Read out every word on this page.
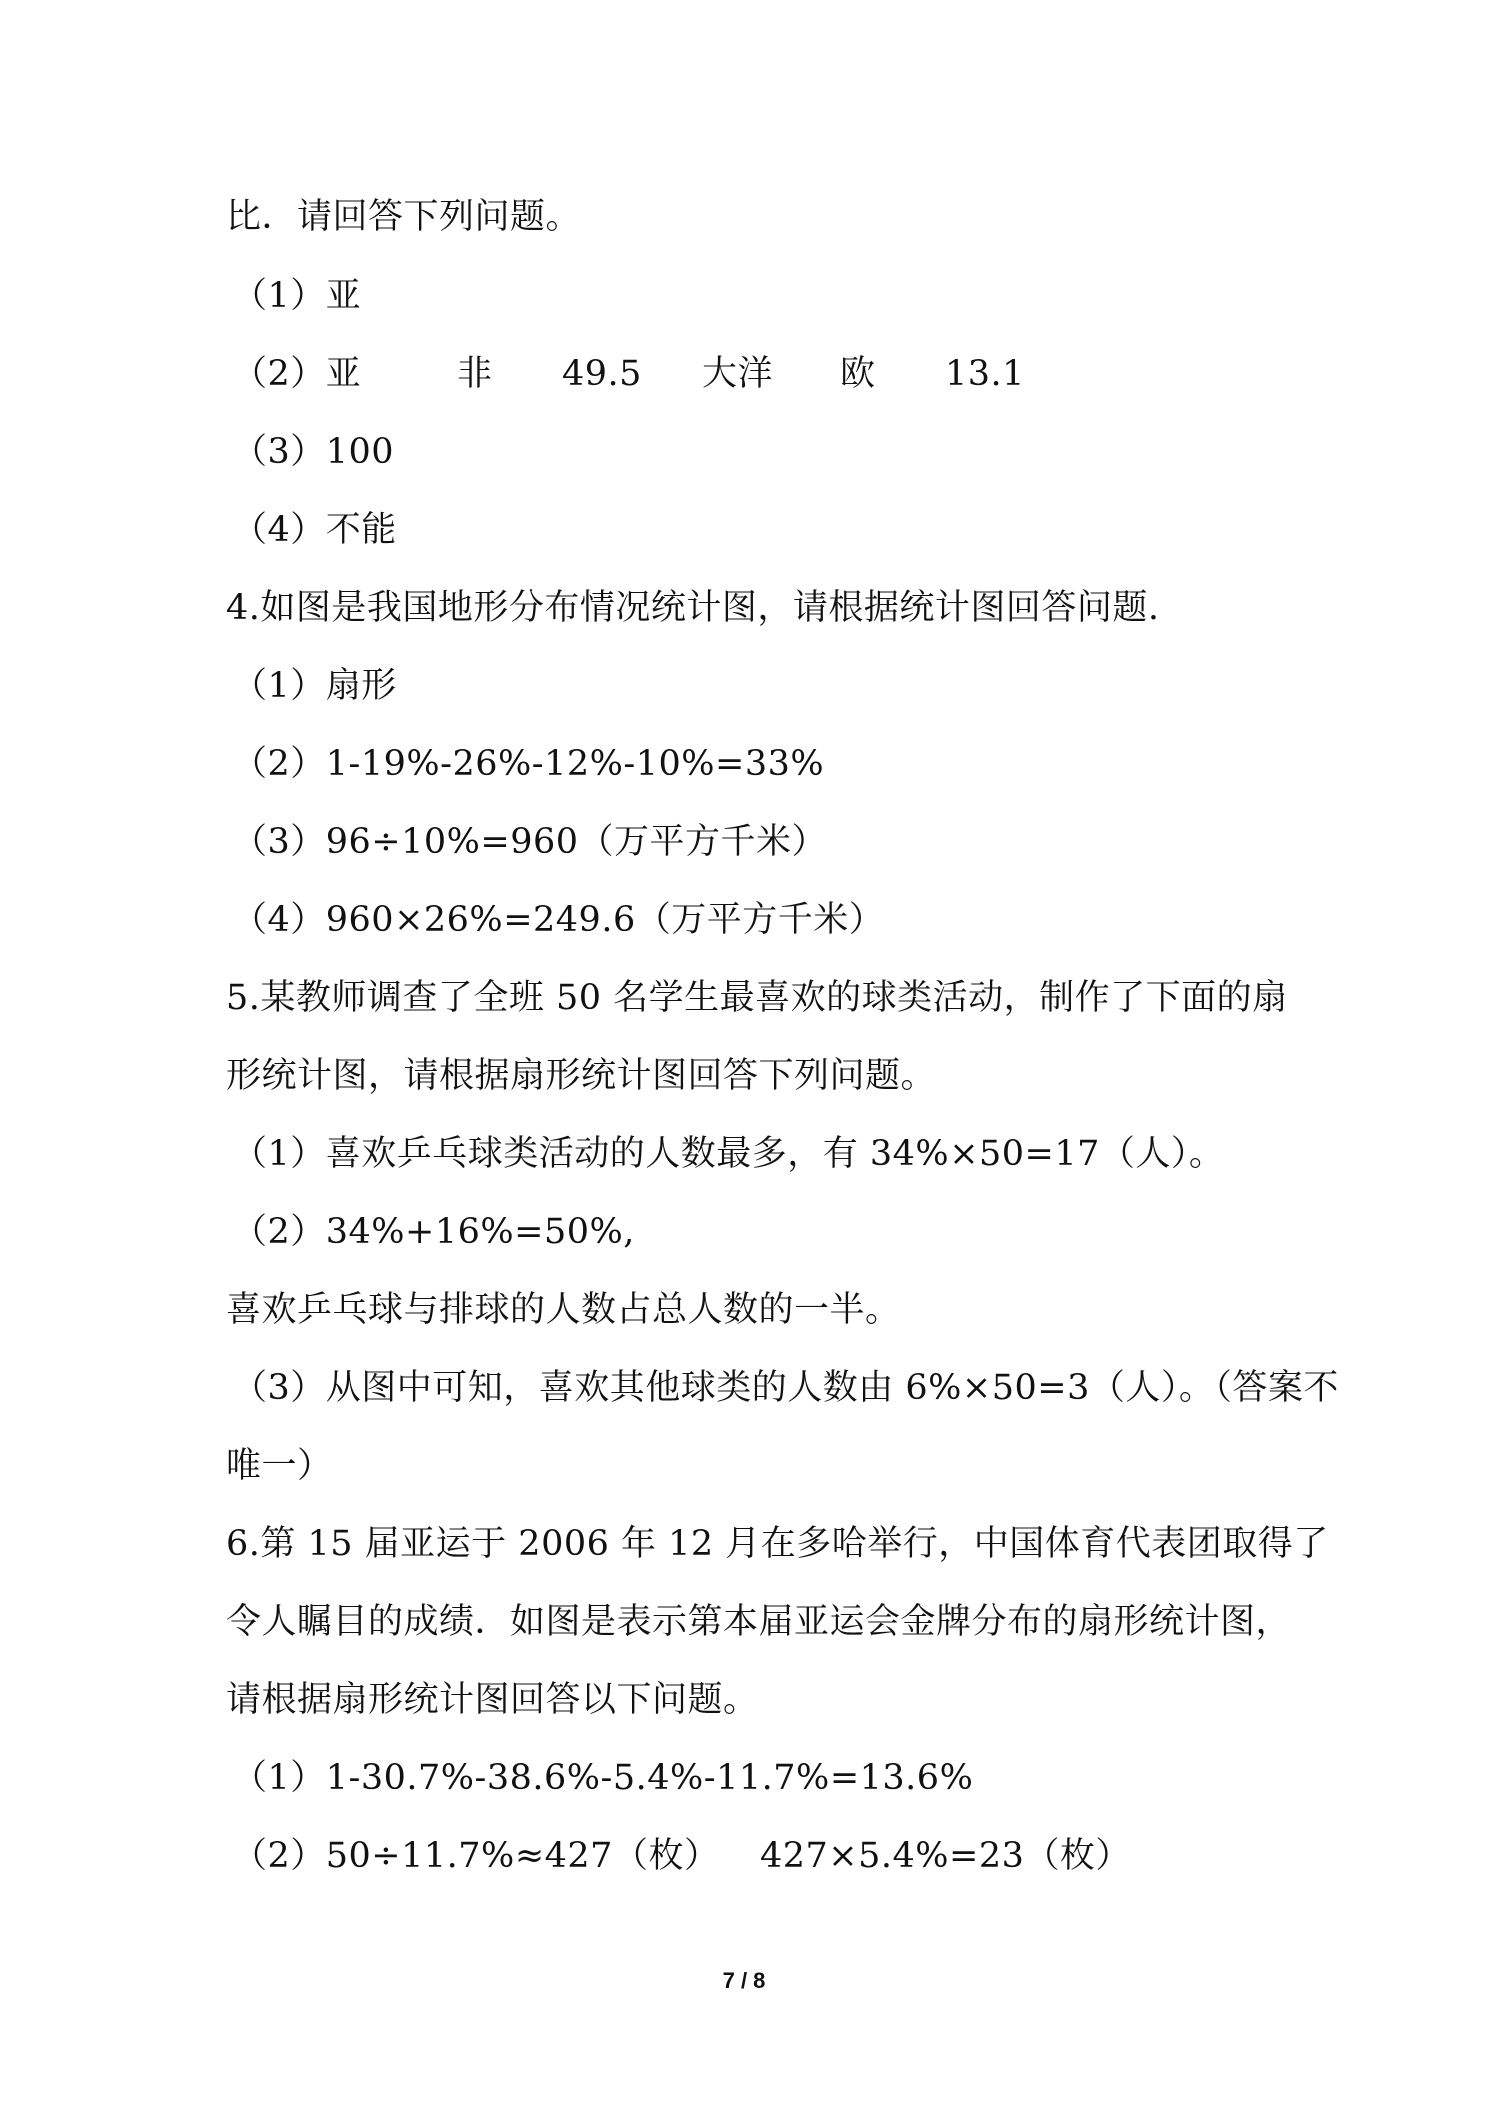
比．请回答下列问题。
（1）亚
（2）亚	非 49.5 大洋 欧 13.1
（3）100
（4）不能
4.如图是我国地形分布情况统计图，请根据统计图回答问题.
（1）扇形
（2）1-19%-26%-12%-10%=33%
（3）96÷10%=960（万平方千米）
（4）960×26%=249.6（万平方千米）
5.某教师调查了全班 50 名学生最喜欢的球类活动，制作了下面的扇
形统计图，请根据扇形统计图回答下列问题。
（1）喜欢乒乓球类活动的人数最多，有 34%×50=17（人）。
（2）34%+16%=50%,
喜欢乒乓球与排球的人数占总人数的一半。
（3）从图中可知，喜欢其他球类的人数由 6%×50=3（人）。（答案不
唯一）
6.第 15 届亚运于 2006 年 12 月在多哈举行，中国体育代表团取得了
令人瞩目的成绩．如图是表示第本届亚运会金牌分布的扇形统计图，
请根据扇形统计图回答以下问题。
（1）1-30.7%-38.6%-5.4%-11.7%=13.6%
（2）50÷11.7%≈427（枚） 427×5.4%=23（枚）
7 / 8
